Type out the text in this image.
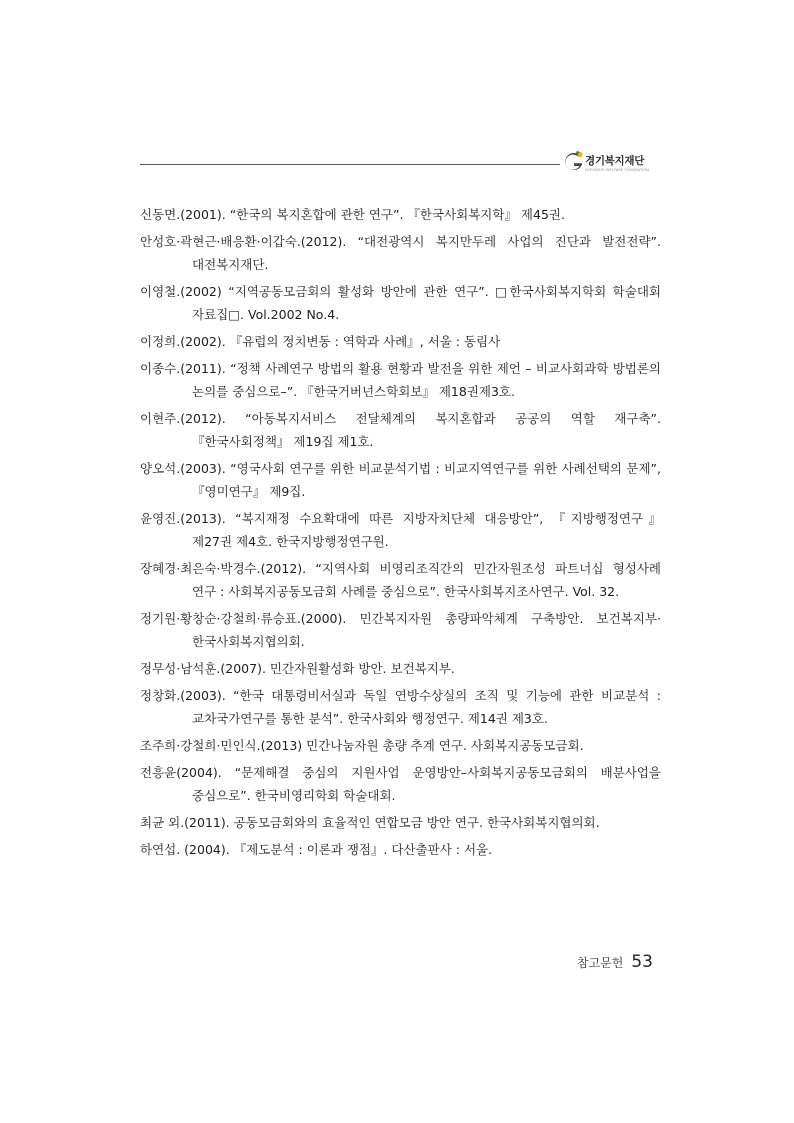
경기복지재단
GYEONGGI WELFARE FOUNDATION
신동면.(2001). “한국의 복지혼합에 관한 연구”. 『한국사회복지학』 제45권.
안성호·곽현근·배응환·이갑숙.(2012). “대전광역시 복지만두레 사업의 진단과 발전전략”. 대전복지재단.
이영철.(2002) “지역공동모금회의 활성화 방안에 관한 연구”. □한국사회복지학회 학술대회 자료집□. Vol.2002 No.4.
이정희.(2002). 『유럽의 정치변동 : 역학과 사례』, 서울 : 동림사
이종수.(2011). “정책 사례연구 방법의 활용 현황과 발전을 위한 제언 – 비교사회과학 방법론의 논의를 중심으로–”. 『한국거버넌스학회보』 제18권제3호.
이현주.(2012). “아동복지서비스 전달체계의 복지혼합과 공공의 역할 재구축”. 『한국사회정책』 제19집 제1호.
양오석.(2003). “영국사회 연구를 위한 비교분석기법 : 비교지역연구를 위한 사례선택의 문제”, 『영미연구』 제9집.
윤영진.(2013). “복지재정 수요확대에 따른 지방자치단체 대응방안”, 『지방행정연구』 제27권 제4호. 한국지방행정연구원.
장혜경·최은숙·박경수.(2012). “지역사회 비영리조직간의 민간자원조성 파트너십 형성사례 연구 : 사회복지공동모금회 사례를 중심으로”. 한국사회복지조사연구. Vol. 32.
정기원·황창순·강철희·류승표.(2000). 민간복지자원 총량파악체계 구축방안. 보건복지부·한국사회복지협의회.
정무성·남석훈.(2007). 민간자원활성화 방안. 보건복지부.
정창화.(2003). “한국 대통령비서실과 독일 연방수상실의 조직 및 기능에 관한 비교분석 : 교차국가연구를 통한 분석”. 한국사회와 행정연구. 제14권 제3호.
조주희·강철희·민인식.(2013) 민간나눔자원 총량 추계 연구. 사회복지공동모금회.
전흥윤(2004). “문제해결 중심의 지원사업 운영방안–사회복지공동모금회의 배분사업을 중심으로”. 한국비영리학회 학술대회.
최균 외.(2011). 공동모금회와의 효율적인 연합모금 방안 연구. 한국사회복지협의회.
하연섭. (2004). 『제도분석 : 이론과 쟁점』. 다산출판사 : 서울.
참고문헌 53
